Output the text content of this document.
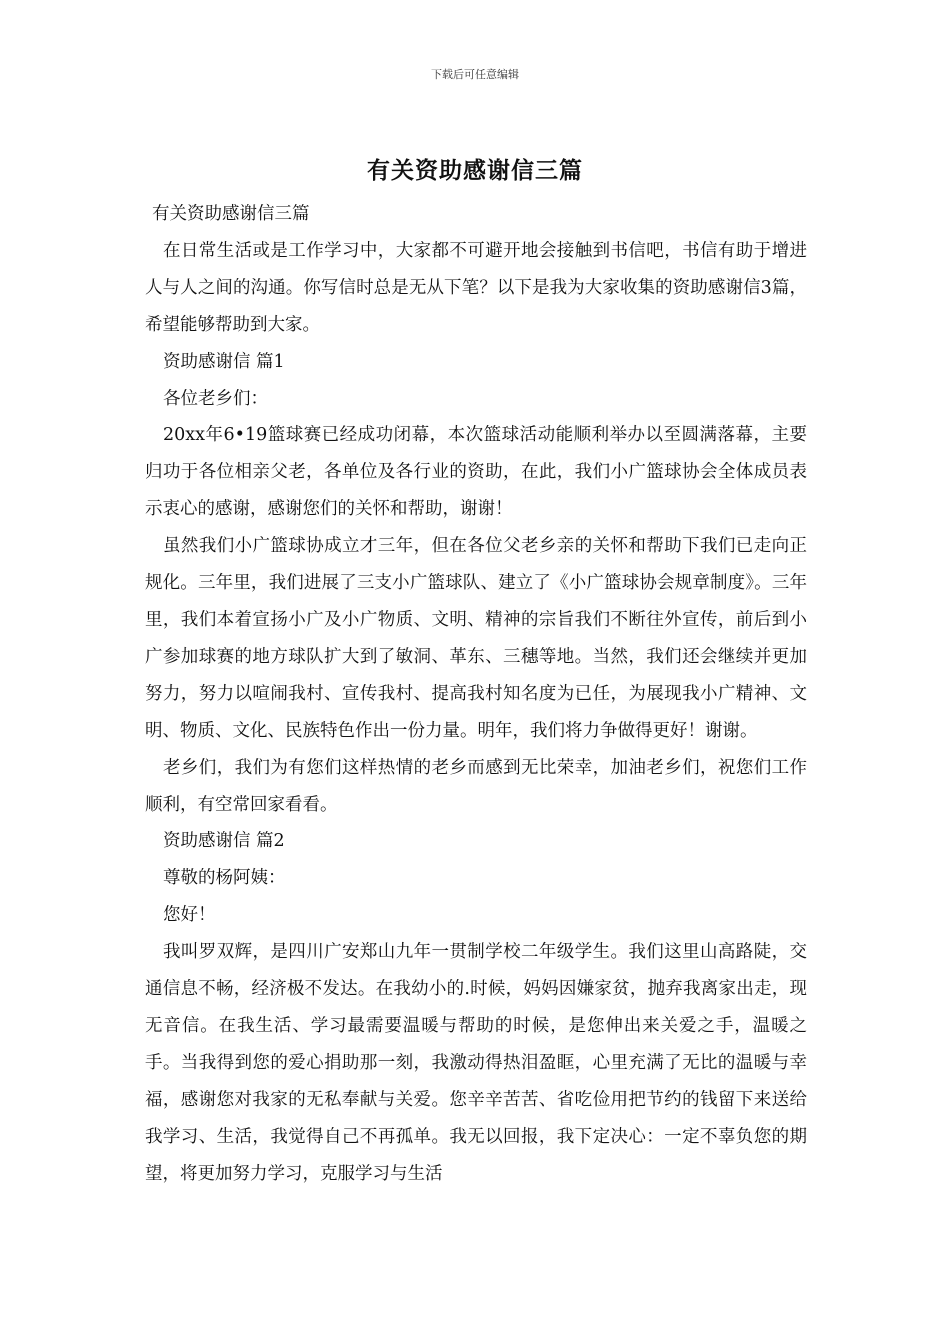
下载后可任意编辑
有关资助感谢信三篇

有关资助感谢信三篇

在日常生活或是工作学习中，大家都不可避开地会接触到书信吧，书信有助于增进人与人之间的沟通。你写信时总是无从下笔？以下是我为大家收集的资助感谢信3篇，希望能够帮助到大家。

资助感谢信 篇1

各位老乡们：

20xx年6•19篮球赛已经成功闭幕，本次篮球活动能顺利举办以至圆满落幕，主要归功于各位相亲父老，各单位及各行业的资助，在此，我们小广篮球协会全体成员表示衷心的感谢，感谢您们的关怀和帮助，谢谢！

虽然我们小广篮球协成立才三年，但在各位父老乡亲的关怀和帮助下我们已走向正规化。三年里，我们进展了三支小广篮球队、建立了《小广篮球协会规章制度》。三年里，我们本着宣扬小广及小广物质、文明、精神的宗旨我们不断往外宣传，前后到小广参加球赛的地方球队扩大到了敏洞、革东、三穗等地。当然，我们还会继续并更加努力，努力以喧闹我村、宣传我村、提高我村知名度为已任，为展现我小广精神、文明、物质、文化、民族特色作出一份力量。明年，我们将力争做得更好！谢谢。

老乡们，我们为有您们这样热情的老乡而感到无比荣幸，加油老乡们，祝您们工作顺利，有空常回家看看。

资助感谢信 篇2

尊敬的杨阿姨：

您好！

我叫罗双辉，是四川广安郑山九年一贯制学校二年级学生。我们这里山高路陡，交通信息不畅，经济极不发达。在我幼小的.时候，妈妈因嫌家贫，抛弃我离家出走，现无音信。在我生活、学习最需要温暖与帮助的时候，是您伸出来关爱之手，温暖之手。当我得到您的爱心捐助那一刻，我激动得热泪盈眶，心里充满了无比的温暖与幸福，感谢您对我家的无私奉献与关爱。您辛辛苦苦、省吃俭用把节约的钱留下来送给我学习、生活，我觉得自己不再孤单。我无以回报，我下定决心：一定不辜负您的期望，将更加努力学习，克服学习与生活
